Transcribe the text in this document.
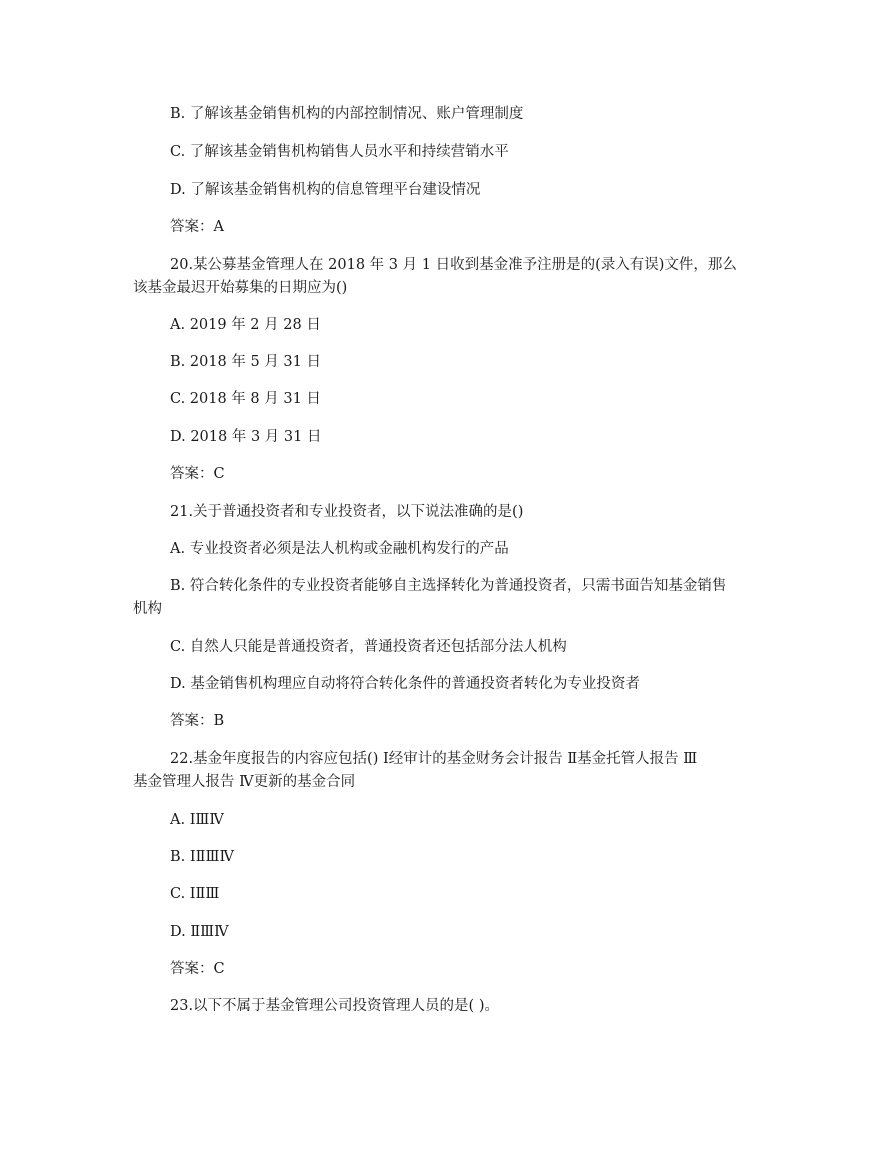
B. 了解该基金销售机构的内部控制情况、账户管理制度
C. 了解该基金销售机构销售人员水平和持续营销水平
D. 了解该基金销售机构的信息管理平台建设情况
答案：A
20.某公募基金管理人在 2018 年 3 月 1 日收到基金准予注册是的(录入有误)文件，那么
该基金最迟开始募集的日期应为()
A. 2019 年 2 月 28 日
B. 2018 年 5 月 31 日
C. 2018 年 8 月 31 日
D. 2018 年 3 月 31 日
答案：C
21.关于普通投资者和专业投资者，以下说法准确的是()
A. 专业投资者必须是法人机构或金融机构发行的产品
B. 符合转化条件的专业投资者能够自主选择转化为普通投资者，只需书面告知基金销售
机构
C. 自然人只能是普通投资者，普通投资者还包括部分法人机构
D. 基金销售机构理应自动将符合转化条件的普通投资者转化为专业投资者
答案：B
22.基金年度报告的内容应包括() Ⅰ经审计的基金财务会计报告 Ⅱ基金托管人报告 Ⅲ
基金管理人报告 Ⅳ更新的基金合同
A. ⅠⅢⅣ
B. ⅠⅡⅢⅣ
C. ⅠⅡⅢ
D. ⅡⅢⅣ
答案：C
23.以下不属于基金管理公司投资管理人员的是( )。
